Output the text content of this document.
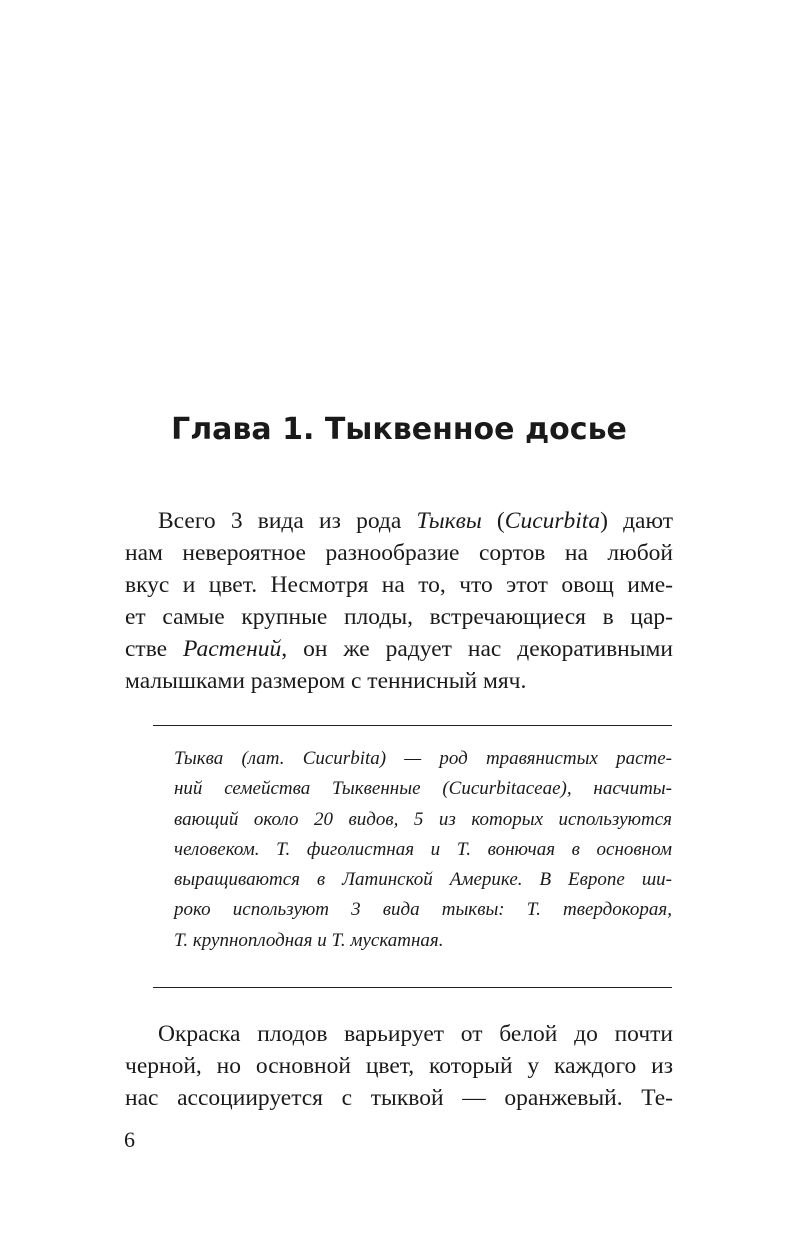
Глава 1. Тыквенное досье
Всего 3 вида из рода Тыквы (Cucurbita) дают
нам невероятное разнообразие сортов на любой
вкус и цвет. Несмотря на то, что этот овощ име-
ет самые крупные плоды, встречающиеся в цар-
стве Растений, он же радует нас декоративными
малышками размером с теннисный мяч.
Тыква (лат. Cucurbita) — род травянистых расте-
ний семейства Тыквенные (Cucurbitaceae), насчиты-
вающий около 20 видов, 5 из которых используются
человеком. Т. фиголистная и Т. вонючая в основном
выращиваются в Латинской Америке. В Европе ши-
роко используют 3 вида тыквы: Т. твердокорая,
Т. крупноплодная и Т. мускатная.
Окраска плодов варьирует от белой до почти
черной, но основной цвет, который у каждого из
нас ассоциируется с тыквой — оранжевый. Те-
6
